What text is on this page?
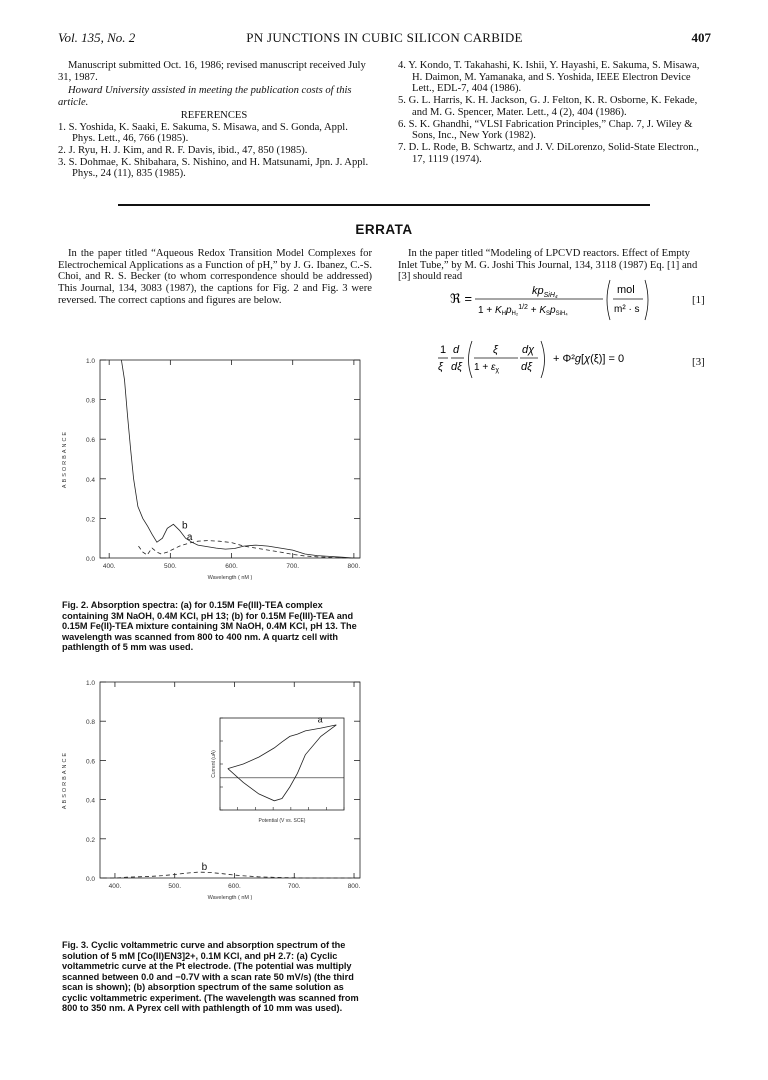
Vol. 135, No. 2	PN JUNCTIONS IN CUBIC SILICON CARBIDE	407

Manuscript submitted Oct. 16, 1986; revised manuscript received July 31, 1987.

Howard University assisted in meeting the publication costs of this article.

REFERENCES

1. S. Yoshida, K. Saaki, E. Sakuma, S. Misawa, and S. Gonda, Appl. Phys. Lett., 46, 766 (1985).

2. J. Ryu, H. J. Kim, and R. F. Davis, ibid., 47, 850 (1985).

3. S. Dohmae, K. Shibahara, S. Nishino, and H. Matsunami, Jpn. J. Appl. Phys., 24 (11), 835 (1985).

4. Y. Kondo, T. Takahashi, K. Ishii, Y. Hayashi, E. Sakuma, S. Misawa, H. Daimon, M. Yamanaka, and S. Yoshida, IEEE Electron Device Lett., EDL-7, 404 (1986).

5. G. L. Harris, K. H. Jackson, G. J. Felton, K. R. Osborne, K. Fekade, and M. G. Spencer, Mater. Lett., 4 (2), 404 (1986).

6. S. K. Ghandhi, “VLSI Fabrication Principles,” Chap. 7, J. Wiley & Sons, Inc., New York (1982).

7. D. L. Rode, B. Schwartz, and J. V. DiLorenzo, Solid-State Electron., 17, 1119 (1974).

ERRATA
In the paper titled “Aqueous Redox Transition Model Complexes for Electrochemical Applications as a Function of pH,” by J. G. Ibanez, C.-S. Choi, and R. S. Becker (to whom correspondence should be addressed) This Journal, 134, 3083 (1987), the captions for Fig. 2 and Fig. 3 were reversed. The correct captions and figures are below.
In the paper titled “Modeling of LPCVD reactors. Effect of Empty Inlet Tube,” by M. G. Joshi This Journal, 134, 3118 (1987) Eq. [1] and [3] should read
ℜ =	$kp_{SiH_4}$
$1 + K_Hp_{H_2}^{1/2} + K_Sp_{SiH_4}$
mol
m² · s
[1]
1
ξ
d
dξ
ξ
$1 + \varepsilon_\chi$
dχ
dξ
+ Φ²g[χ(ξ)] = 0	[3]
0.0
0.2
0.4
0.6
0.8
1.0
400.	500.	600.	700.	800.
Wavelength ( nM )
ABSORBANCE
a
b
Fig. 2. Absorption spectra: (a) for 0.15M Fe(III)-TEA complex containing 3M NaOH, 0.4M KCl, pH 13; (b) for 0.15M Fe(III)-TEA and 0.15M Fe(II)-TEA mixture containing 3M NaOH, 0.4M KCl, pH 13. The wavelength was scanned from 800 to 400 nm. A quartz cell with pathlength of 5 mm was used.
0.0
0.2
0.4
0.6
0.8
1.0
400.	500.	600.	700.	800.
Wavelength ( nM )
ABSORBANCE
b
a
Potential (V vs. SCE)
Current (uA)
Fig. 3. Cyclic voltammetric curve and absorption spectrum of the solution of 5 mM [Co(II)EN3]2+, 0.1M KCl, and pH 2.7: (a) Cyclic voltammetric curve at the Pt electrode. (The potential was multiply scanned between 0.0 and −0.7V with a scan rate 50 mV/s) (the third scan is shown); (b) absorption spectrum of the same solution as cyclic voltammetric experiment. (The wavelength was scanned from 800 to 350 nm. A Pyrex cell with pathlength of 10 mm was used).
